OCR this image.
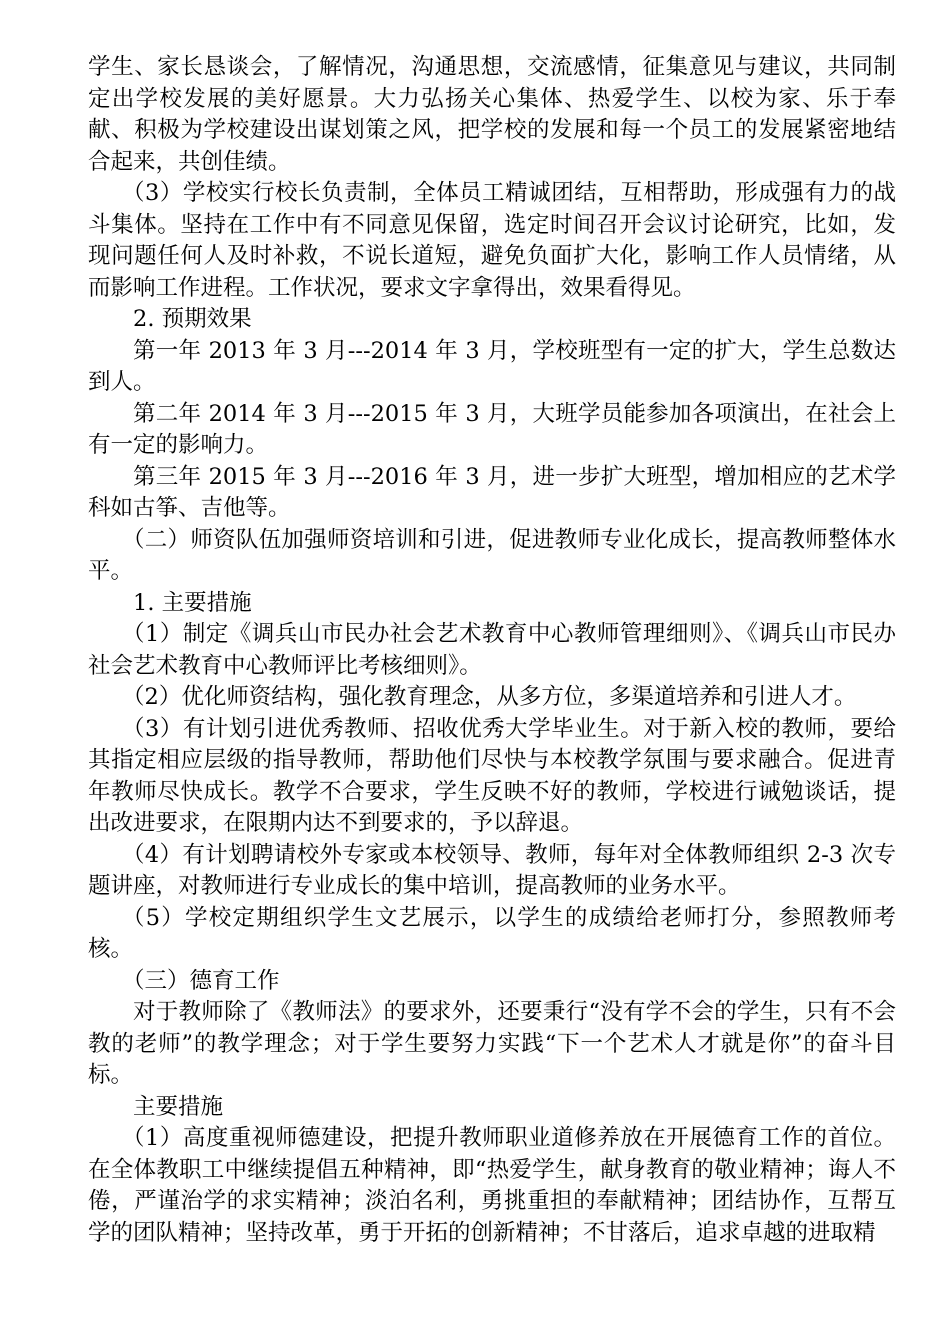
学生、家长恳谈会，了解情况，沟通思想，交流感情，征集意见与建议，共同制定出学校发展的美好愿景。大力弘扬关心集体、热爱学生、以校为家、乐于奉献、积极为学校建设出谋划策之风，把学校的发展和每一个员工的发展紧密地结合起来，共创佳绩。

（3）学校实行校长负责制，全体员工精诚团结，互相帮助，形成强有力的战斗集体。坚持在工作中有不同意见保留，选定时间召开会议讨论研究，比如，发现问题任何人及时补救，不说长道短，避免负面扩大化，影响工作人员情绪，从而影响工作进程。工作状况，要求文字拿得出，效果看得见。

2. 预期效果

第一年 2013 年 3 月---2014 年 3 月，学校班型有一定的扩大，学生总数达到人。

第二年 2014 年 3 月---2015 年 3 月，大班学员能参加各项演出，在社会上有一定的影响力。

第三年 2015 年 3 月---2016 年 3 月，进一步扩大班型，增加相应的艺术学科如古筝、吉他等。

（二）师资队伍加强师资培训和引进，促进教师专业化成长，提高教师整体水平。

1. 主要措施

（1）制定《调兵山市民办社会艺术教育中心教师管理细则》、《调兵山市民办社会艺术教育中心教师评比考核细则》。

（2）优化师资结构，强化教育理念，从多方位，多渠道培养和引进人才。

（3）有计划引进优秀教师、招收优秀大学毕业生。对于新入校的教师，要给其指定相应层级的指导教师，帮助他们尽快与本校教学氛围与要求融合。促进青年教师尽快成长。教学不合要求，学生反映不好的教师，学校进行诫勉谈话，提出改进要求，在限期内达不到要求的，予以辞退。

（4）有计划聘请校外专家或本校领导、教师，每年对全体教师组织 2-3 次专题讲座，对教师进行专业成长的集中培训，提高教师的业务水平。

（5）学校定期组织学生文艺展示，以学生的成绩给老师打分，参照教师考核。

（三）德育工作

对于教师除了《教师法》的要求外，还要秉行“没有学不会的学生，只有不会教的老师”的教学理念；对于学生要努力实践“下一个艺术人才就是你”的奋斗目标。

主要措施

（1）高度重视师德建设，把提升教师职业道修养放在开展德育工作的首位。在全体教职工中继续提倡五种精神，即“热爱学生，献身教育的敬业精神；诲人不倦，严谨治学的求实精神；淡泊名利，勇挑重担的奉献精神；团结协作，互帮互学的团队精神；坚持改革，勇于开拓的创新精神；不甘落后，追求卓越的进取精
